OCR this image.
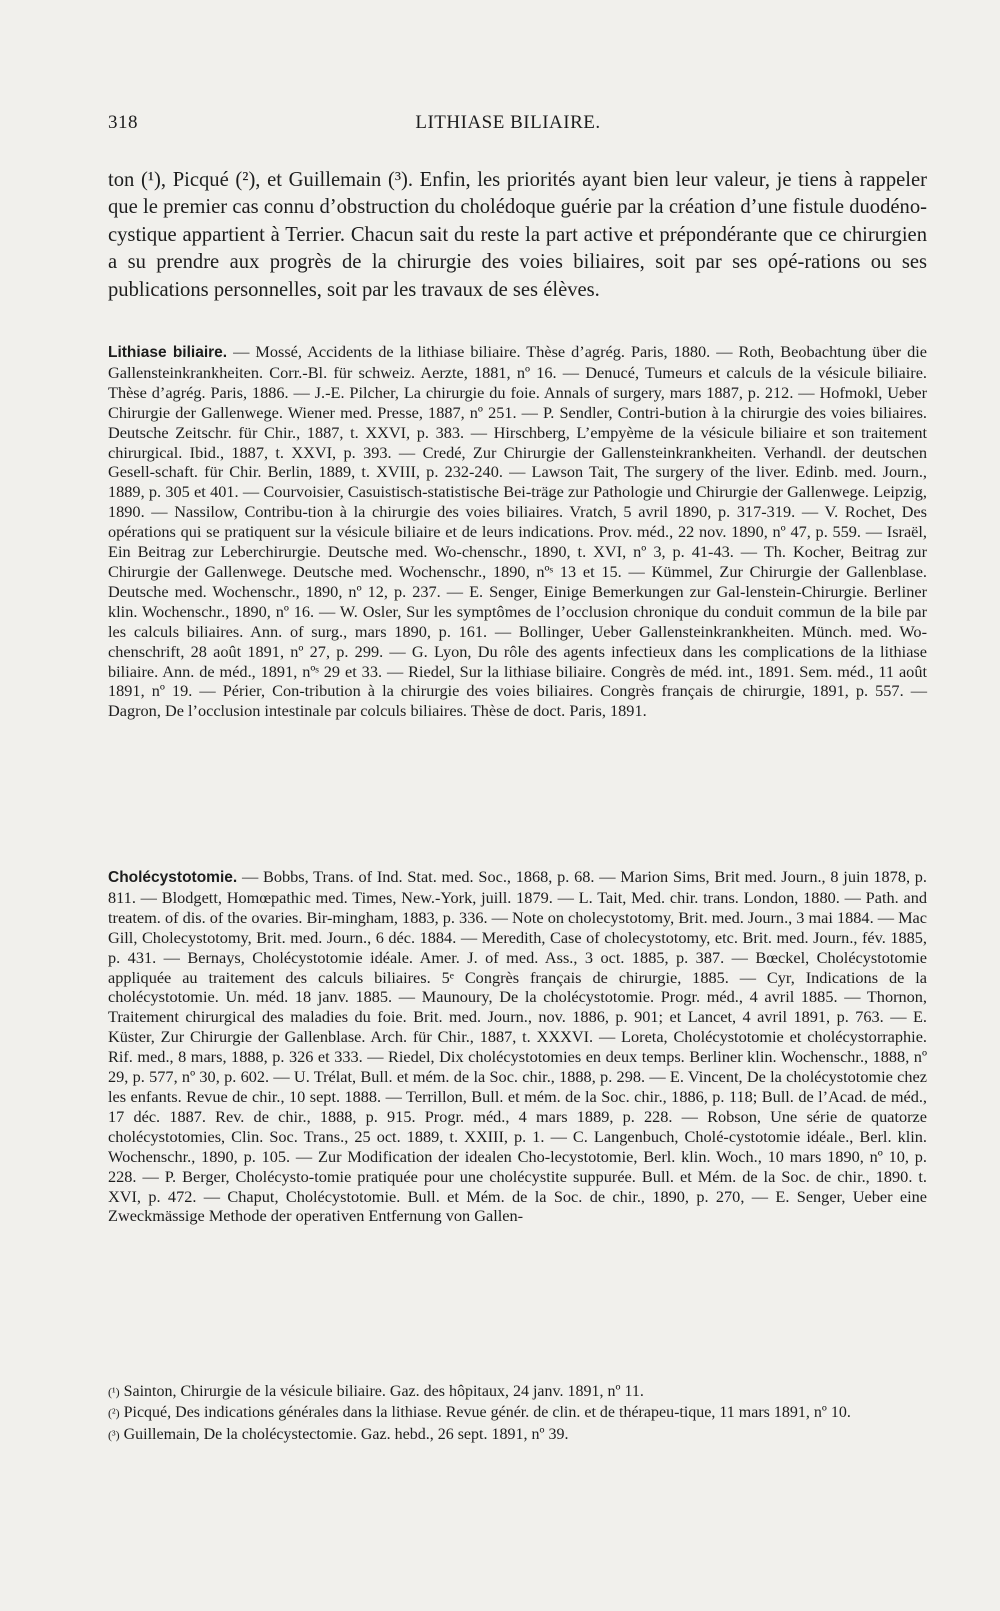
318	LITHIASE BILIAIRE.

ton (¹), Picqué (²), et Guillemain (³). Enfin, les priorités ayant bien leur valeur, je tiens à rappeler que le premier cas connu d’obstruction du cholédoque guérie par la création d’une fistule duodéno-cystique appartient à Terrier. Chacun sait du reste la part active et prépondérante que ce chirurgien a su prendre aux progrès de la chirurgie des voies biliaires, soit par ses opé-rations ou ses publications personnelles, soit par les travaux de ses élèves.

Lithiase biliaire. — Mossé, Accidents de la lithiase biliaire. Thèse d’agrég. Paris, 1880. — Roth, Beobachtung über die Gallensteinkrankheiten. Corr.-Bl. für schweiz. Aerzte, 1881, nº 16. — Denucé, Tumeurs et calculs de la vésicule biliaire. Thèse d’agrég. Paris, 1886. — J.-E. Pilcher, La chirurgie du foie. Annals of surgery, mars 1887, p. 212. — Hofmokl, Ueber Chirurgie der Gallenwege. Wiener med. Presse, 1887, nº 251. — P. Sendler, Contri-bution à la chirurgie des voies biliaires. Deutsche Zeitschr. für Chir., 1887, t. XXVI, p. 383. — Hirschberg, L’empyème de la vésicule biliaire et son traitement chirurgical. Ibid., 1887, t. XXVI, p. 393. — Credé, Zur Chirurgie der Gallensteinkrankheiten. Verhandl. der deutschen Gesell-schaft. für Chir. Berlin, 1889, t. XVIII, p. 232-240. — Lawson Tait, The surgery of the liver. Edinb. med. Journ., 1889, p. 305 et 401. — Courvoisier, Casuistisch-statistische Bei-träge zur Pathologie und Chirurgie der Gallenwege. Leipzig, 1890. — Nassilow, Contribu-tion à la chirurgie des voies biliaires. Vratch, 5 avril 1890, p. 317-319. — V. Rochet, Des opérations qui se pratiquent sur la vésicule biliaire et de leurs indications. Prov. méd., 22 nov. 1890, nº 47, p. 559. — Israël, Ein Beitrag zur Leberchirurgie. Deutsche med. Wo-chenschr., 1890, t. XVI, nº 3, p. 41-43. — Th. Kocher, Beitrag zur Chirurgie der Gallenwege. Deutsche med. Wochenschr., 1890, nºˢ 13 et 15. — Kümmel, Zur Chirurgie der Gallenblase. Deutsche med. Wochenschr., 1890, nº 12, p. 237. — E. Senger, Einige Bemerkungen zur Gal-lenstein-Chirurgie. Berliner klin. Wochenschr., 1890, nº 16. — W. Osler, Sur les symptômes de l’occlusion chronique du conduit commun de la bile par les calculs biliaires. Ann. of surg., mars 1890, p. 161. — Bollinger, Ueber Gallensteinkrankheiten. Münch. med. Wo-chenschrift, 28 août 1891, nº 27, p. 299. — G. Lyon, Du rôle des agents infectieux dans les complications de la lithiase biliaire. Ann. de méd., 1891, nºˢ 29 et 33. — Riedel, Sur la lithiase biliaire. Congrès de méd. int., 1891. Sem. méd., 11 août 1891, nº 19. — Périer, Con-tribution à la chirurgie des voies biliaires. Congrès français de chirurgie, 1891, p. 557. — Dagron, De l’occlusion intestinale par colculs biliaires. Thèse de doct. Paris, 1891.
Cholécystotomie. — Bobbs, Trans. of Ind. Stat. med. Soc., 1868, p. 68. — Marion Sims, Brit med. Journ., 8 juin 1878, p. 811. — Blodgett, Homœpathic med. Times, New.-York, juill. 1879. — L. Tait, Med. chir. trans. London, 1880. — Path. and treatem. of dis. of the ovaries. Bir-mingham, 1883, p. 336. — Note on cholecystotomy, Brit. med. Journ., 3 mai 1884. — Mac Gill, Cholecystotomy, Brit. med. Journ., 6 déc. 1884. — Meredith, Case of cholecystotomy, etc. Brit. med. Journ., fév. 1885, p. 431. — Bernays, Cholécystotomie idéale. Amer. J. of med. Ass., 3 oct. 1885, p. 387. — Bœckel, Cholécystotomie appliquée au traitement des calculs biliaires. 5ᵉ Congrès français de chirurgie, 1885. — Cyr, Indications de la cholécystotomie. Un. méd. 18 janv. 1885. — Maunoury, De la cholécystotomie. Progr. méd., 4 avril 1885. — Thornon, Traitement chirurgical des maladies du foie. Brit. med. Journ., nov. 1886, p. 901; et Lancet, 4 avril 1891, p. 763. — E. Küster, Zur Chirurgie der Gallenblase. Arch. für Chir., 1887, t. XXXVI. — Loreta, Cholécystotomie et cholécystorraphie. Rif. med., 8 mars, 1888, p. 326 et 333. — Riedel, Dix cholécystotomies en deux temps. Berliner klin. Wochenschr., 1888, nº 29, p. 577, nº 30, p. 602. — U. Trélat, Bull. et mém. de la Soc. chir., 1888, p. 298. — E. Vincent, De la cholécystotomie chez les enfants. Revue de chir., 10 sept. 1888. — Terrillon, Bull. et mém. de la Soc. chir., 1886, p. 118; Bull. de l’Acad. de méd., 17 déc. 1887. Rev. de chir., 1888, p. 915. Progr. méd., 4 mars 1889, p. 228. — Robson, Une série de quatorze cholécystotomies, Clin. Soc. Trans., 25 oct. 1889, t. XXIII, p. 1. — C. Langenbuch, Cholé-cystotomie idéale., Berl. klin. Wochenschr., 1890, p. 105. — Zur Modification der idealen Cho-lecystotomie, Berl. klin. Woch., 10 mars 1890, nº 10, p. 228. — P. Berger, Cholécysto-tomie pratiquée pour une cholécystite suppurée. Bull. et Mém. de la Soc. de chir., 1890. t. XVI, p. 472. — Chaput, Cholécystotomie. Bull. et Mém. de la Soc. de chir., 1890, p. 270, — E. Senger, Ueber eine Zweckmässige Methode der operativen Entfernung von Gallen-

(¹) Sainton, Chirurgie de la vésicule biliaire. Gaz. des hôpitaux, 24 janv. 1891, nº 11.

(²) Picqué, Des indications générales dans la lithiase. Revue génér. de clin. et de thérapeu-tique, 11 mars 1891, nº 10.

(³) Guillemain, De la cholécystectomie. Gaz. hebd., 26 sept. 1891, nº 39.
